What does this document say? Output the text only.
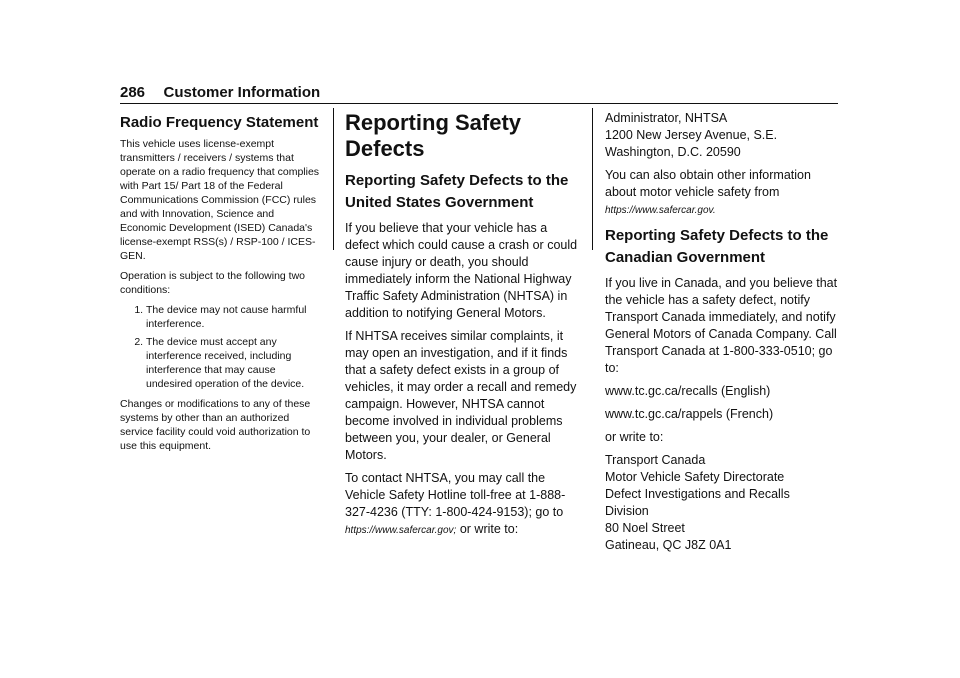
286 Customer Information
Radio Frequency Statement

This vehicle uses license-exempt transmitters / receivers / systems that operate on a radio frequency that complies with Part 15/ Part 18 of the Federal Communications Commission (FCC) rules and with Innovation, Science and Economic Development (ISED) Canada's license-exempt RSS(s) / RSP-100 / ICES-GEN.

Operation is subject to the following two conditions:

1. The device may not cause harmful interference.
2. The device must accept any interference received, including interference that may cause undesired operation of the device.

Changes or modifications to any of these systems by other than an authorized service facility could void authorization to use this equipment.

Reporting Safety Defects
Reporting Safety Defects to the United States Government

If you believe that your vehicle has a defect which could cause a crash or could cause injury or death, you should immediately inform the National Highway Traffic Safety Administration (NHTSA) in addition to notifying General Motors.

If NHTSA receives similar complaints, it may open an investigation, and if it finds that a safety defect exists in a group of vehicles, it may order a recall and remedy campaign. However, NHTSA cannot become involved in individual problems between you, your dealer, or General Motors.

To contact NHTSA, you may call the Vehicle Safety Hotline toll-free at 1-888-327-4236 (TTY: 1-800-424-9153); go to https://www.safercar.gov; or write to:

Administrator, NHTSA
1200 New Jersey Avenue, S.E.
Washington, D.C. 20590

You can also obtain other information about motor vehicle safety from
https://www.safercar.gov.

Reporting Safety Defects to the Canadian Government

If you live in Canada, and you believe that the vehicle has a safety defect, notify Transport Canada immediately, and notify General Motors of Canada Company. Call Transport Canada at 1-800-333-0510; go to:

www.tc.gc.ca/recalls (English)

www.tc.gc.ca/rappels (French)

or write to:

Transport Canada
Motor Vehicle Safety Directorate
Defect Investigations and Recalls
Division
80 Noel Street
Gatineau, QC J8Z 0A1
